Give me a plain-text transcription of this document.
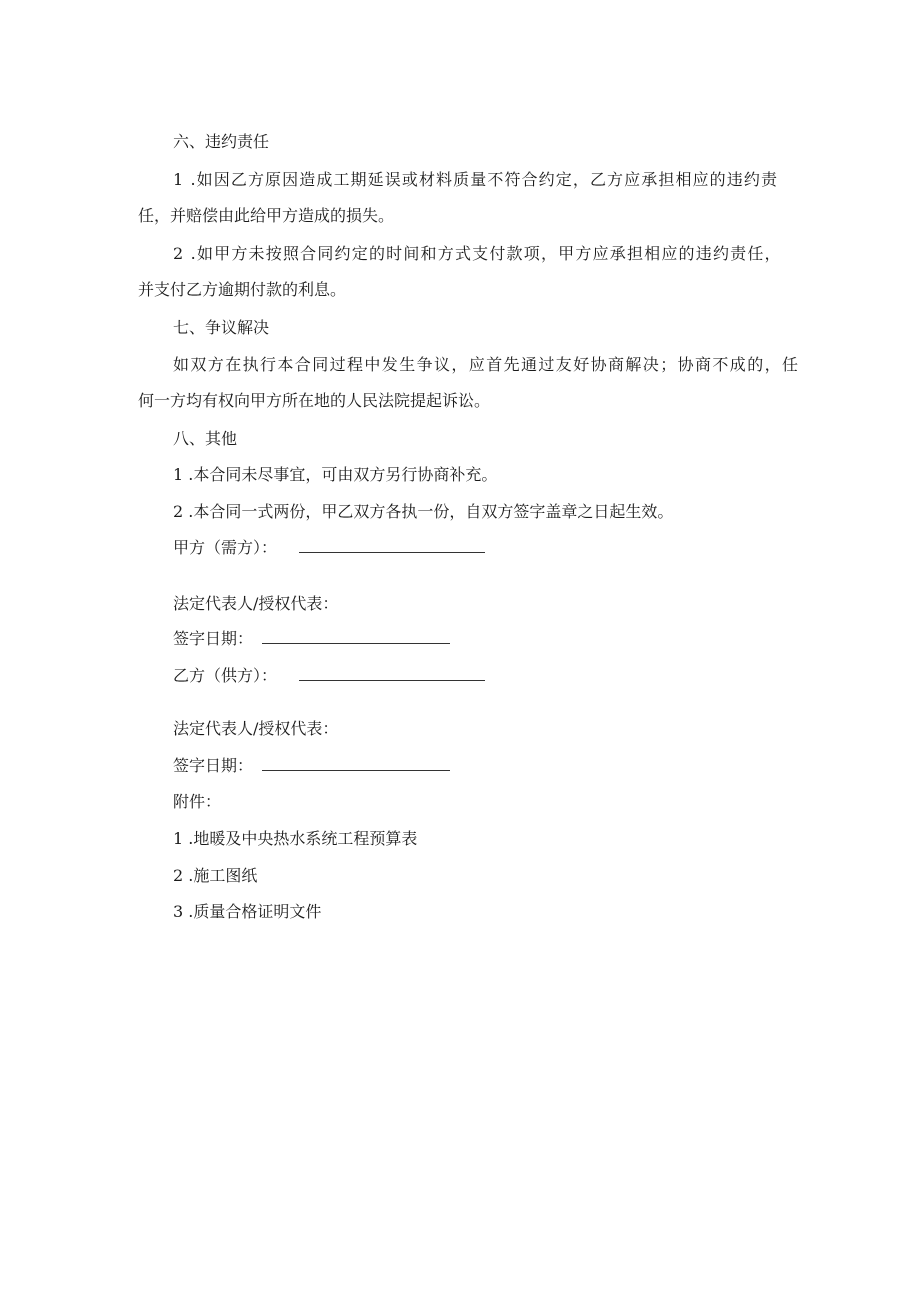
六、违约责任
1 .如因乙方原因造成工期延误或材料质量不符合约定，乙方应承担相应的违约责
任，并赔偿由此给甲方造成的损失。
2 .如甲方未按照合同约定的时间和方式支付款项，甲方应承担相应的违约责任，
并支付乙方逾期付款的利息。
七、争议解决
如双方在执行本合同过程中发生争议，应首先通过友好协商解决；协商不成的，任
何一方均有权向甲方所在地的人民法院提起诉讼。
八、其他
1 .本合同未尽事宜，可由双方另行协商补充。
2 .本合同一式两份，甲乙双方各执一份，自双方签字盖章之日起生效。
甲方（需方）：
法定代表人/授权代表：
签字日期：
乙方（供方）：
法定代表人/授权代表：
签字日期：
附件：
1 .地暖及中央热水系统工程预算表
2 .施工图纸
3 .质量合格证明文件
